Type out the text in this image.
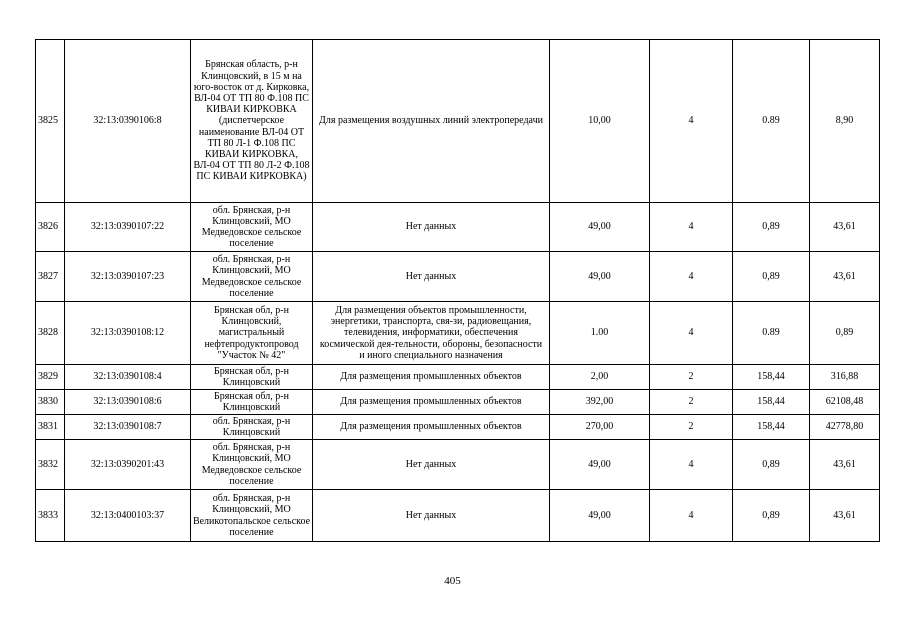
3825	32:13:0390106:8	Брянская область, р-н Клинцовский, в 15 м на юго-восток от д. Кирковка, ВЛ-04 ОТ ТП 80 Ф.108 ПС КИВАИ КИРКОВКА (диспетчерское наименование ВЛ-04 ОТ ТП 80 Л-1 Ф.108 ПС КИВАИ КИРКОВКА, ВЛ-04 ОТ ТП 80 Л-2 Ф.108 ПС КИВАИ КИРКОВКА)	Для размещения воздушных линий электропередачи	10,00	4	0.89	8,90
3826	32:13:0390107:22	обл. Брянская, р-н Клинцовский, МО Медведовское сельское поселение	Нет данных	49,00	4	0,89	43,61
3827	32:13:0390107:23	обл. Брянская, р-н Клинцовский, МО Медведовское сельское поселение	Нет данных	49,00	4	0,89	43,61
3828	32:13:0390108:12	Брянская обл, р-н Клинцовский, магистральный нефтепродуктопровод "Участок № 42"	Для размещения объектов промышленности, энергетики, транспорта, свя-зи, радиовещания, телевидения, информатики, обеспечения космической дея-тельности, обороны, безопасности и иного специального назначения	1.00	4	0.89	0,89
3829	32:13:0390108:4	Брянская обл, р-н Клинцовский	Для размещения промышленных объектов	2,00	2	158,44	316,88
3830	32:13:0390108:6	Брянская обл, р-н Клинцовский	Для размещения промышленных объектов	392,00	2	158,44	62108,48
3831	32:13:0390108:7	обл. Брянская, р-н Клинцовский	Для размещения промышленных объектов	270,00	2	158,44	42778,80
3832	32:13:0390201:43	обл. Брянская, р-н Клинцовский, МО Медведовское сельское поселение	Нет данных	49,00	4	0,89	43,61
3833	32:13:0400103:37	обл. Брянская, р-н Клинцовский, МО Великотопальское сельское поселение	Нет данных	49,00	4	0,89	43,61
405
